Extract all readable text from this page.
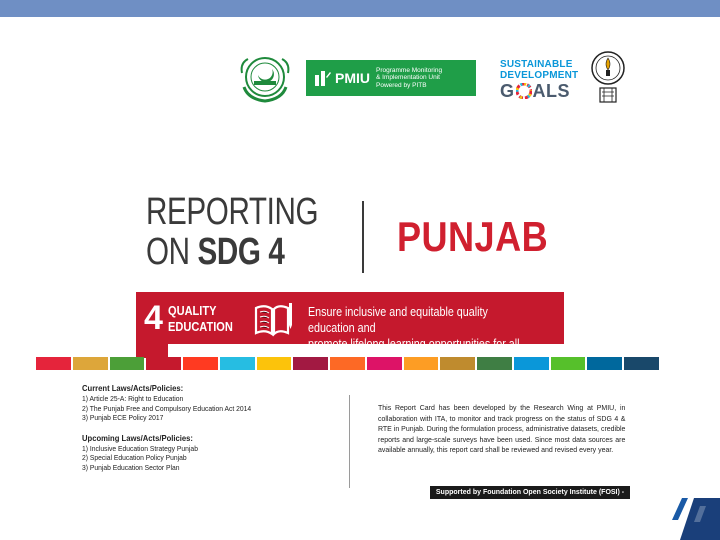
PMIU Programme Monitoring
& Implementation Unit
Powered by PITB
SUSTAINABLE
DEVELOPMENT
G ALS
REPORTING
ON SDG 4	PUNJAB
4 QUALITY
EDUCATION
Ensure inclusive and equitable quality education and
promote lifelong learning opportunities for all
Current Laws/Acts/Policies:
1) Article 25-A: Right to Education
2) The Punjab Free and Compulsory Education Act 2014
3) Punjab ECE Policy 2017
Upcoming Laws/Acts/Policies:
1) Inclusive Education Strategy Punjab
2) Special Education Policy Punjab
3) Punjab Education Sector Plan
This Report Card has been developed by the Research Wing at PMIU, in collaboration with ITA, to monitor and track progress on the status of SDG 4 & RTE in Punjab. During the formulation process, administrative datasets, credible reports and large-scale surveys have been used. Since most data sources are available annually, this report card shall be reviewed and revised every year.
Supported by Foundation Open Society Institute (FOSI) - Pakistan
